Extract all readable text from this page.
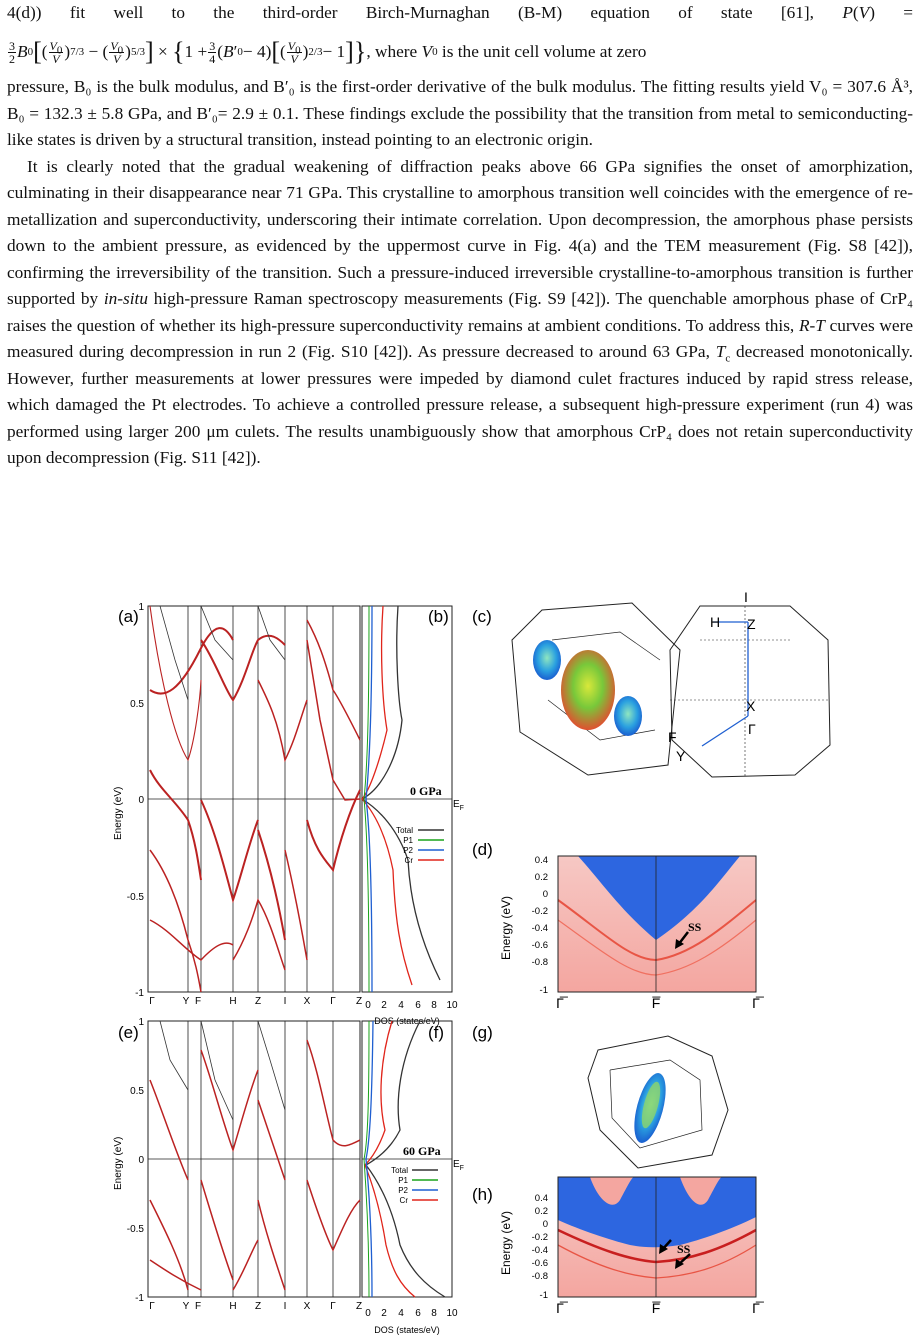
4(d)) fit well to the third-order Birch-Murnaghan (B-M) equation of state [61], P(V) =
$\frac{3}{2}$ B 0 [ ( $\frac{V_0}{V}$ ) 7/3 − ( $\frac{V_0}{V}$ ) 5/3 ] × { $1 + \frac{3}{4}$ ( B ′ 0 − 4) [ ( $\frac{V_0}{V}$ ) 2/3 − 1 ] } , where V 0
is the unit cell volume at zero
pressure, B₀ is the bulk modulus, and B′₀ is the first-order derivative of the bulk modulus. The fitting results yield V₀ = 307.6 Å³, B₀ = 132.3 ± 5.8 GPa, and B′₀= 2.9 ± 0.1. These findings exclude the possibility that the transition from metal to semiconducting-like states is driven by a structural transition, instead pointing to an electronic origin.

It is clearly noted that the gradual weakening of diffraction peaks above 66 GPa signifies the onset of amorphization, culminating in their disappearance near 71 GPa. This crystalline to amorphous transition well coincides with the emergence of re-metallization and superconductivity, underscoring their intimate correlation. Upon decompression, the amorphous phase persists down to the ambient pressure, as evidenced by the uppermost curve in Fig. 4(a) and the TEM measurement (Fig. S8 [42]), confirming the irreversibility of the transition. Such a pressure-induced irreversible crystalline-to-amorphous transition is further supported by in-situ high-pressure Raman spectroscopy measurements (Fig. S9 [42]). The quenchable amorphous phase of CrP₄ raises the question of whether its high-pressure superconductivity remains at ambient conditions. To address this, R-T curves were measured during decompression in run 2 (Fig. S10 [42]). As pressure decreased to around 63 GPa, $T_c$ decreased monotonically. However, further measurements at lower pressures were impeded by diamond culet fractures induced by rapid stress release, which damaged the Pt electrodes. To achieve a controlled pressure release, a subsequent high-pressure experiment (run 4) was performed using larger 200 μm culets. The results unambiguously show that amorphous CrP₄ does not retain superconductivity upon decompression (Fig. S11 [42]).

(a)
Energy (eV)
1
0.5
0
-0.5
-1
Γ	Y F	H Z I X Γ Z
(b)
0 GPa
$E_F$
Total
P1
P2
Cr
0 2 4 6 8 10
DOS (states/eV)
(c)
I
H Z
X
Γ
F
Y
(d)
Energy (eV)
0.4
0.2
0
-0.2
-0.4
-0.6
-0.8
-1
SS
Γ̅	F̅	Γ̅
(e)
Energy (eV)
1
0.5
0
-0.5
-1
Γ	Y F	H Z I X Γ Z
(f)
60 GPa
$E_F$
Total
P1
P2
Cr
0 2 4 6 8 10
DOS (states/eV)
(g)
(h)
Energy (eV)
0.4
0.2
0
-0.2
-0.4
-0.6
-0.8
-1
SS
Γ̅	F̅	Γ̅
